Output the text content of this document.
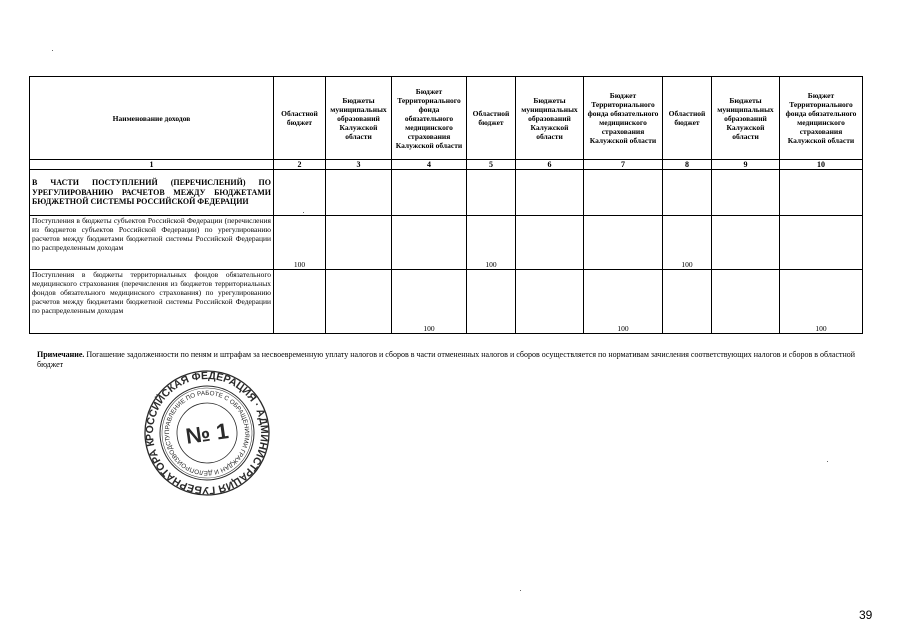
Наименование доходов	Областной бюджет	Бюджеты муниципальных образований Калужской области	Бюджет Территориального фонда обязательного медицинского страхования Калужской области	Областной бюджет	Бюджеты муниципальных образований Калужской области	Бюджет Территориального фонда обязательного медицинского страхования Калужской области	Областной бюджет	Бюджеты муниципальных образований Калужской области	Бюджет Территориального фонда обязательного медицинского страхования Калужской области
1	2	3	4	5	6	7	8	9	10
В ЧАСТИ ПОСТУПЛЕНИЙ (ПЕРЕЧИСЛЕНИЙ) ПО УРЕГУЛИРОВАНИЮ РАСЧЕТОВ МЕЖДУ БЮДЖЕТАМИ БЮДЖЕТНОЙ СИСТЕМЫ РОССИЙСКОЙ ФЕДЕРАЦИИ									
Поступления в бюджеты субъектов Российской Федерации (перечисления из бюджетов субъектов Российской Федерации) по урегулированию расчетов между бюджетами бюджетной системы Российской Федерации по распределенным доходам	100			100			100		
Поступления в бюджеты территориальных фондов обязательного медицинского страхования (перечисления из бюджетов территориальных фондов обязательного медицинского страхования) по урегулированию расчетов между бюджетами бюджетной системы Российской Федерации по распределенным доходам			100			100			100
Примечание. Погашение задолженности по пеням и штрафам за несвоевременную уплату налогов и сборов в части отмененных налогов и сборов осуществляется по нормативам зачисления соответствующих налогов и сборов в областной бюджет
РОССИЙСКАЯ ФЕДЕРАЦИЯ · АДМИНИСТРАЦИЯ ГУБЕРНАТОРА КАЛУЖСКОЙ
УПРАВЛЕНИЕ ПО РАБОТЕ С ОБРАЩЕНИЯМИ ГРАЖДАН И ДЕЛОПРОИЗВОДСТВУ
№ 1
39
